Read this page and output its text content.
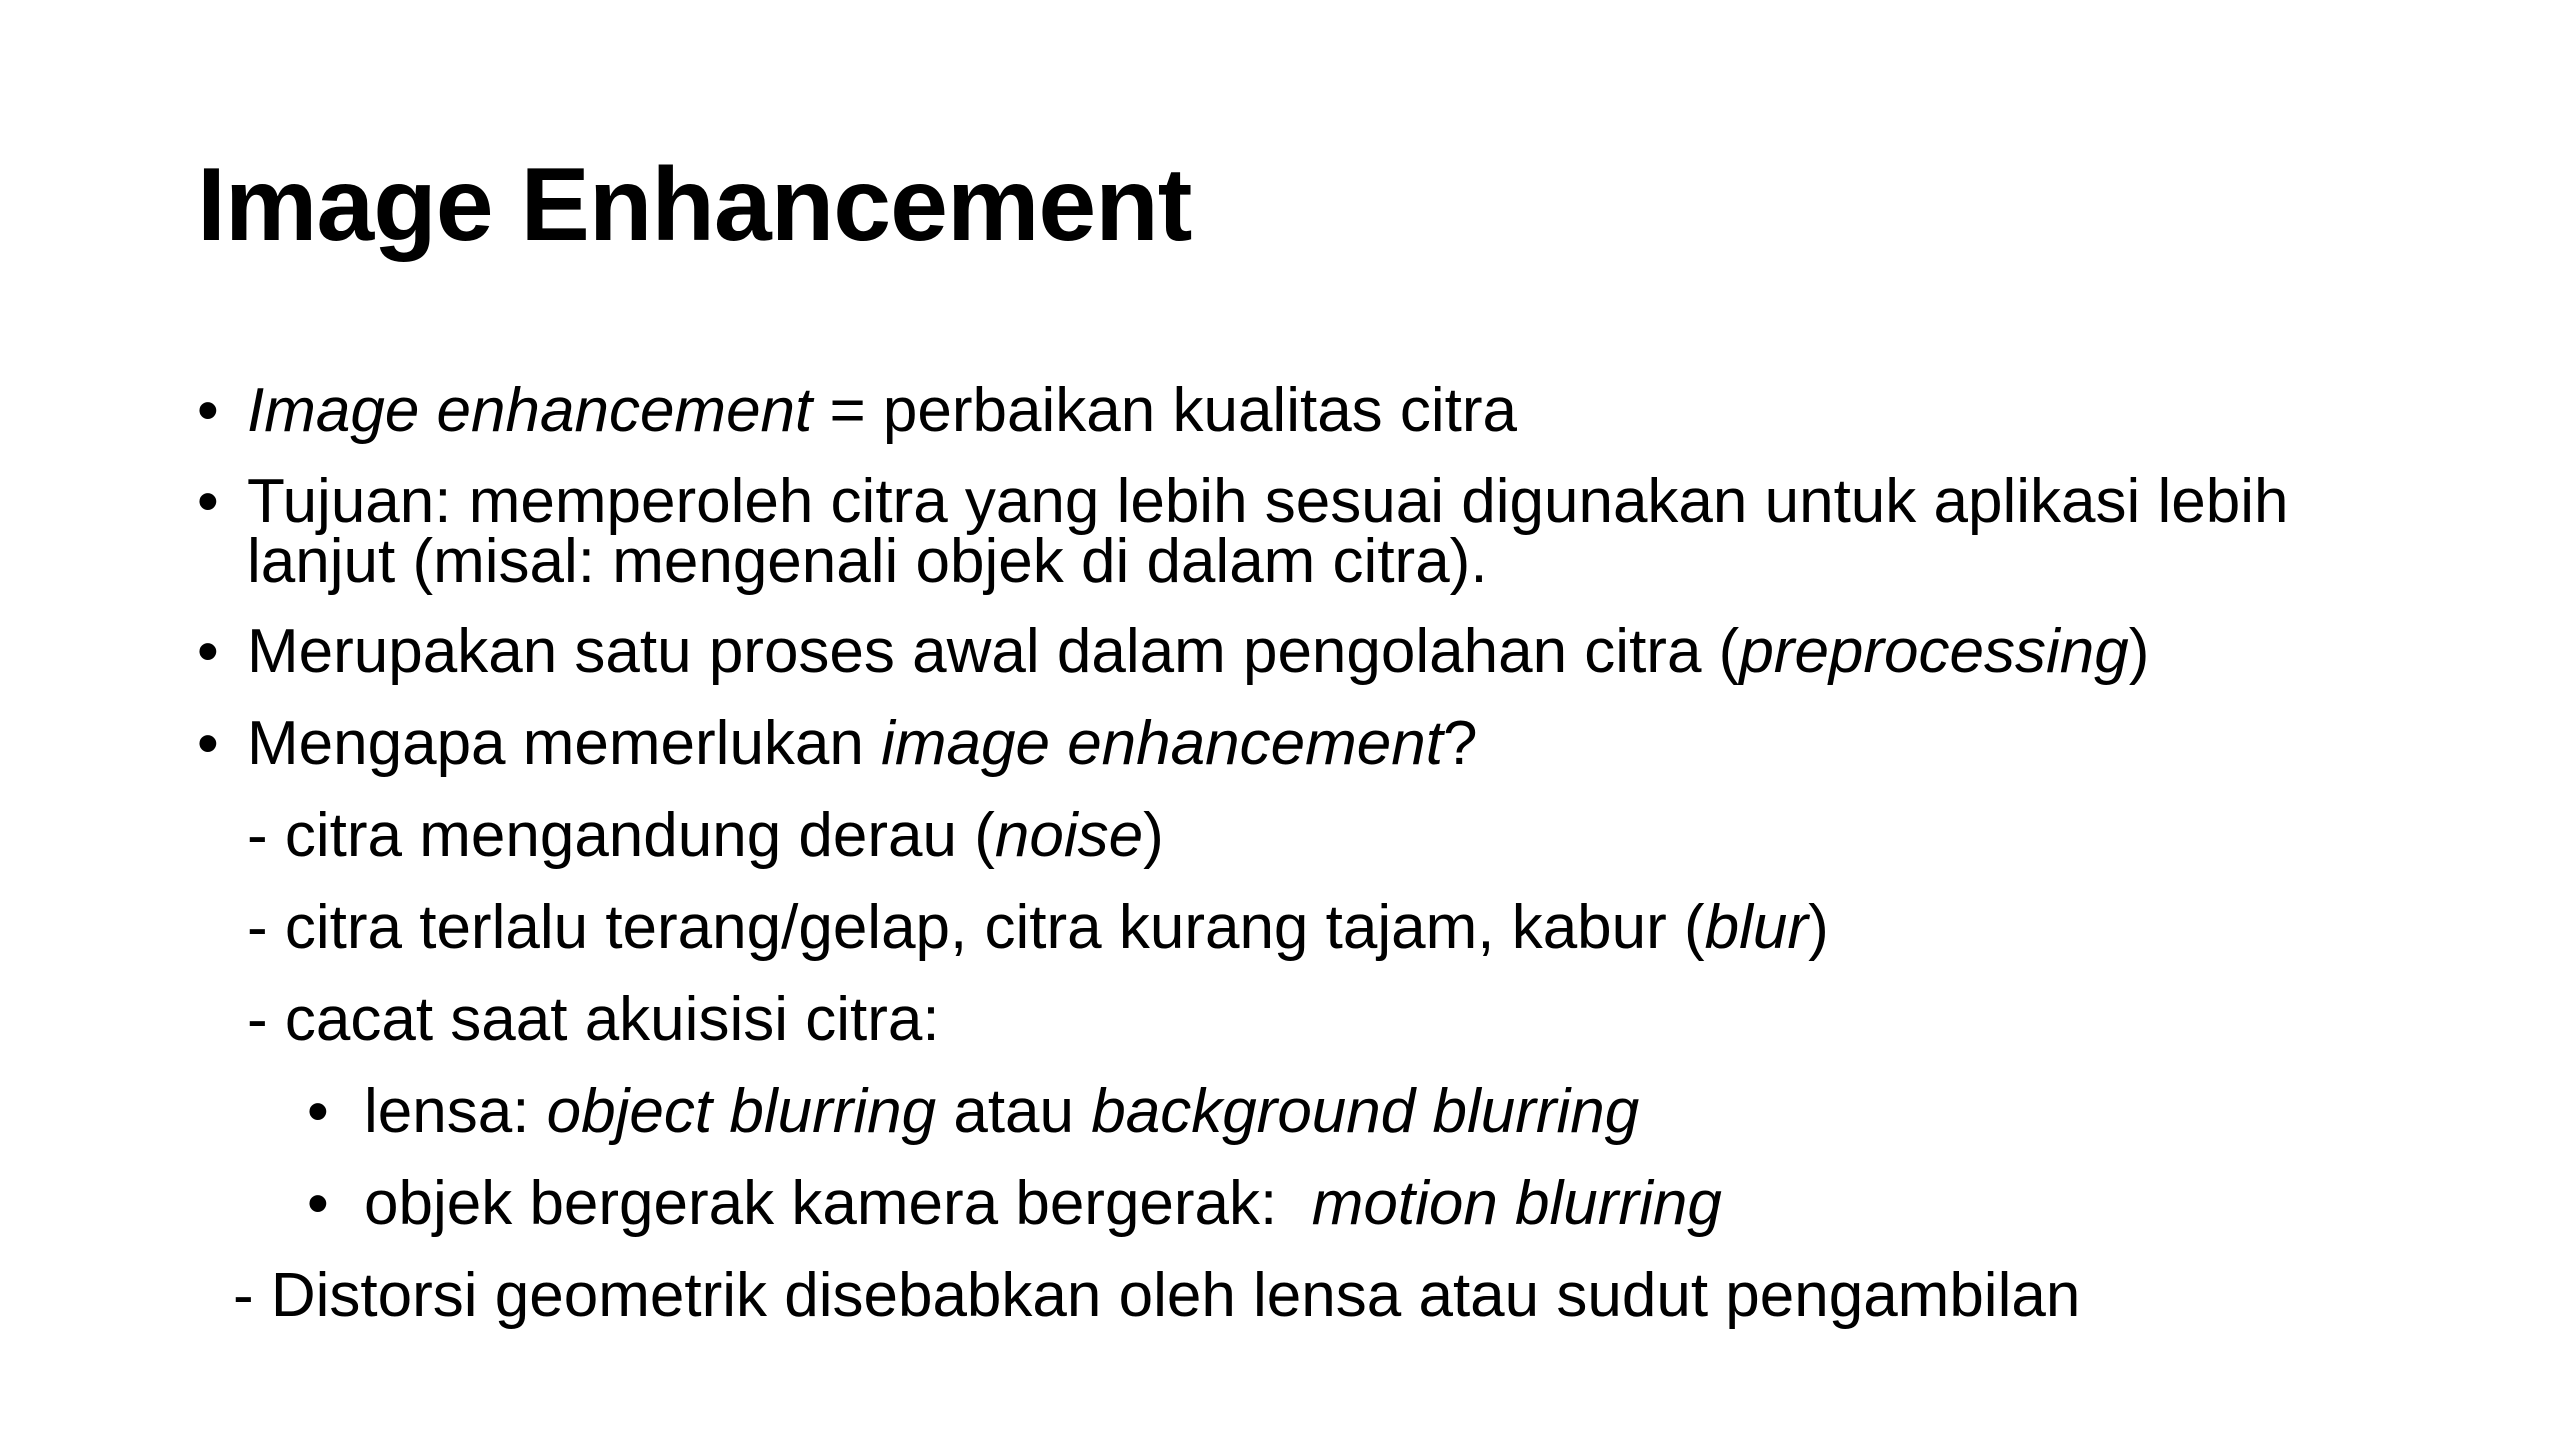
Image Enhancement
• Image enhancement = perbaikan kualitas citra
• Tujuan: memperoleh citra yang lebih sesuai digunakan untuk aplikasi lebih lanjut (misal: mengenali objek di dalam citra).
• Merupakan satu proses awal dalam pengolahan citra (preprocessing)
• Mengapa memerlukan image enhancement?
- citra mengandung derau (noise)
- citra terlalu terang/gelap, citra kurang tajam, kabur (blur)
- cacat saat akuisisi citra:
• lensa: object blurring atau background blurring
• objek bergerak kamera bergerak:  motion blurring
- Distorsi geometrik disebabkan oleh lensa atau sudut pengambilan
